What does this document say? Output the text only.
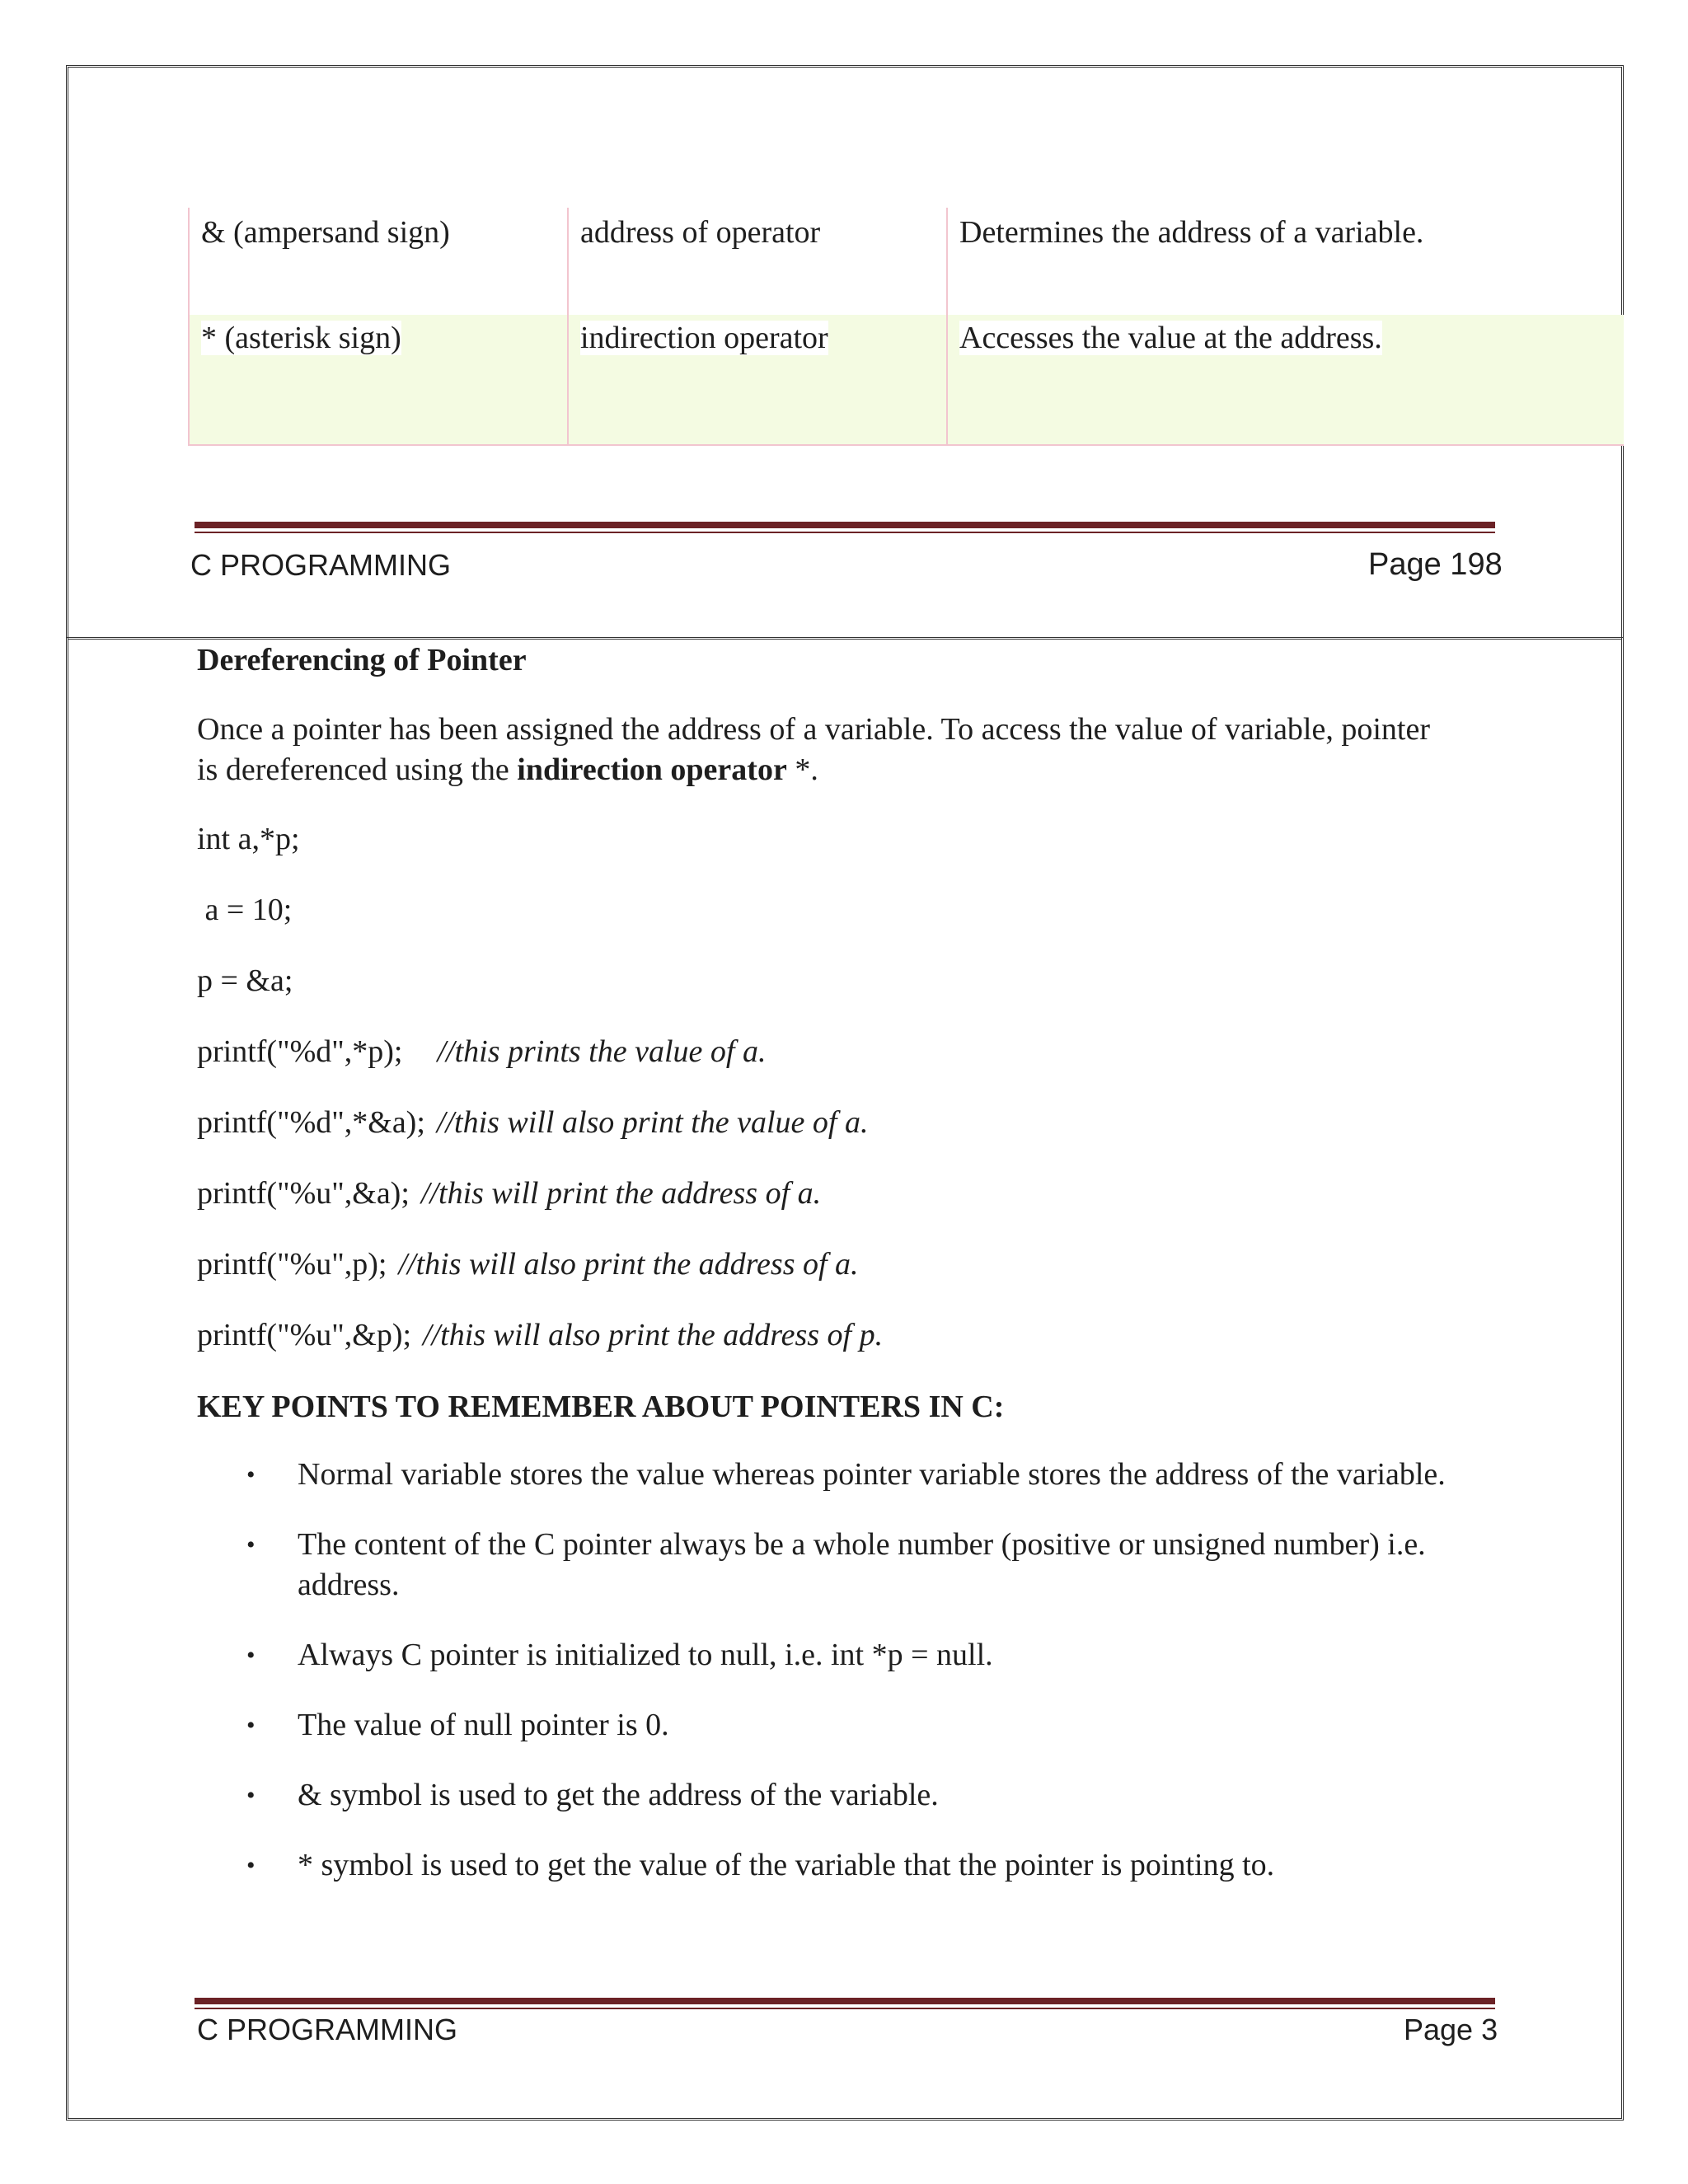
& (ampersand sign)	address of operator	Determines the address of a variable.
* (asterisk sign)	indirection operator	Accesses the value at the address.
C PROGRAMMING	Page 198

Dereferencing of Pointer

Once a pointer has been assigned the address of a variable. To access the value of variable, pointer is dereferenced using the indirection operator *.

int a,*p;
a = 10;
p = &a;
printf("%d",*p); //this prints the value of a.
printf("%d",*&a); //this will also print the value of a.
printf("%u",&a); //this will print the address of a.
printf("%u",p); //this will also print the address of a.
printf("%u",&p); //this will also print the address of p.
KEY POINTS TO REMEMBER ABOUT POINTERS IN C:
• Normal variable stores the value whereas pointer variable stores the address of the variable.
• The content of the C pointer always be a whole number (positive or unsigned number) i.e. address.
• Always C pointer is initialized to null, i.e. int *p = null.
• The value of null pointer is 0.
• & symbol is used to get the address of the variable.
• * symbol is used to get the value of the variable that the pointer is pointing to.
C PROGRAMMING	Page 3
